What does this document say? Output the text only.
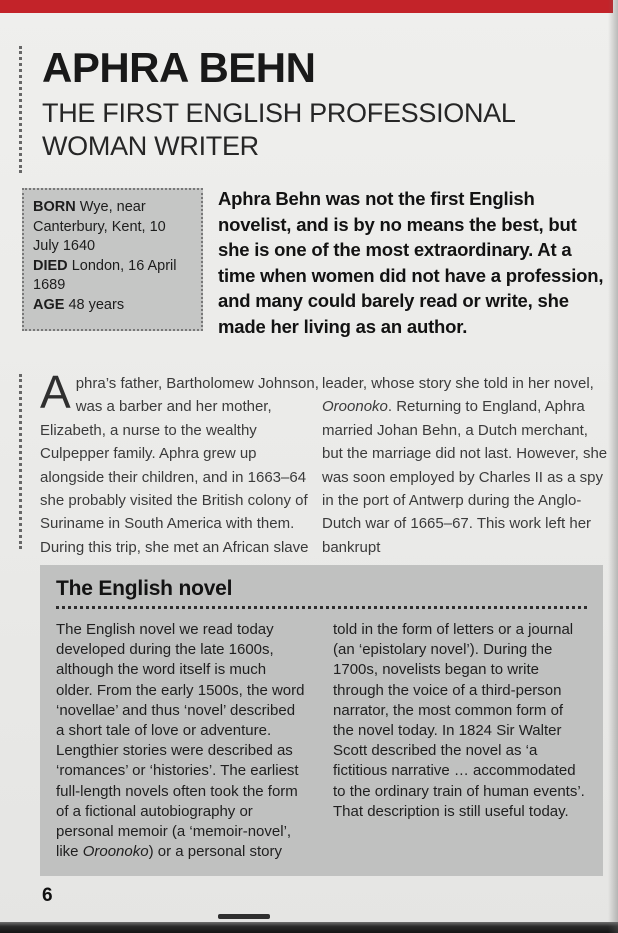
APHRA BEHN
THE FIRST ENGLISH PROFESSIONAL
WOMAN WRITER
BORN Wye, near Canterbury, Kent, 10 July 1640
DIED London, 16 April 1689
AGE 48 years

Aphra Behn was not the first English novelist, and is by no means the best, but she is one of the most extraordinary. At a time when women did not have a profession, and many could barely read or write, she made her living as an author.

Aphra’s father, Bartholomew Johnson, was a barber and her mother, Elizabeth, a nurse to the wealthy Culpepper family. Aphra grew up alongside their children, and in 1663–64 she probably visited the British colony of Suriname in South America with them. During this trip, she met an African slave
leader, whose story she told in her novel, Oroonoko. Returning to England, Aphra married Johan Behn, a Dutch merchant, but the marriage did not last. However, she was soon employed by Charles II as a spy in the port of Antwerp during the Anglo-Dutch war of 1665–67. This work left her bankrupt
The English novel
The English novel we read today developed during the late 1600s, although the word itself is much older. From the early 1500s, the word ‘novellae’ and thus ‘novel’ described a short tale of love or adventure. Lengthier stories were described as ‘romances’ or ‘histories’. The earliest full-length novels often took the form of a fictional autobiography or personal memoir (a ‘memoir-novel’, like Oroonoko) or a personal story
told in the form of letters or a journal (an ‘epistolary novel’). During the 1700s, novelists began to write through the voice of a third-person narrator, the most common form of the novel today. In 1824 Sir Walter Scott described the novel as ‘a fictitious narrative … accommodated to the ordinary train of human events’. That description is still useful today.
6
